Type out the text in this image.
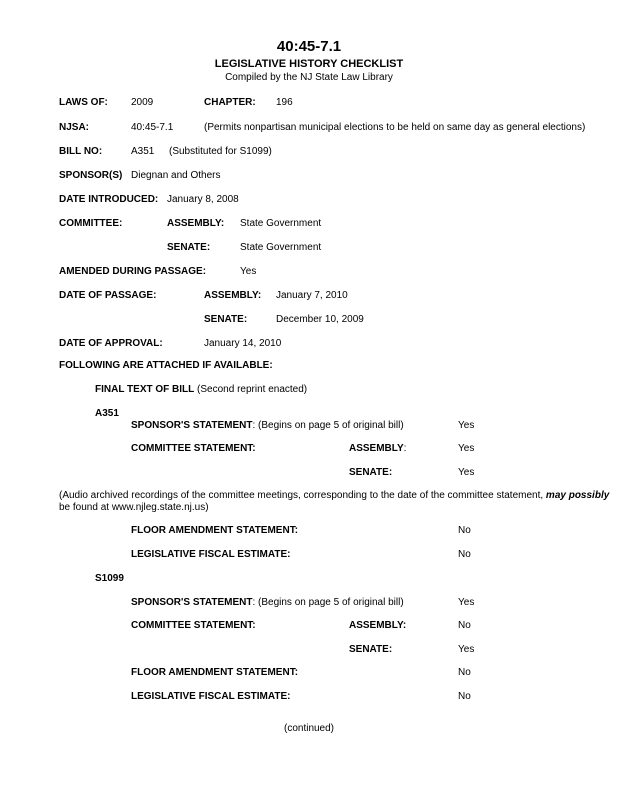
40:45-7.1
LEGISLATIVE HISTORY CHECKLIST
Compiled by the NJ State Law Library
LAWS OF: 2009	CHAPTER: 196
NJSA:	40:45-7.1	(Permits nonpartisan municipal elections to be held on same day as general elections)
BILL NO:	A351 (Substituted for S1099)
SPONSOR(S) Diegnan and Others
DATE INTRODUCED: January 8, 2008
COMMITTEE:	ASSEMBLY: State Government
SENATE:	State Government
AMENDED DURING PASSAGE:	Yes
DATE OF PASSAGE:	ASSEMBLY: January 7, 2010
SENATE:	December 10, 2009
DATE OF APPROVAL:	January 14, 2010
FOLLOWING ARE ATTACHED IF AVAILABLE:
FINAL TEXT OF BILL (Second reprint enacted)
A351
SPONSOR'S STATEMENT: (Begins on page 5 of original bill)	Yes
COMMITTEE STATEMENT:	ASSEMBLY:	Yes
SENATE:	Yes
(Audio archived recordings of the committee meetings, corresponding to the date of the committee statement, may possibly
be found at www.njleg.state.nj.us)
FLOOR AMENDMENT STATEMENT:	No
LEGISLATIVE FISCAL ESTIMATE:	No
S1099
SPONSOR'S STATEMENT: (Begins on page 5 of original bill)	Yes
COMMITTEE STATEMENT:	ASSEMBLY:	No
SENATE:	Yes
FLOOR AMENDMENT STATEMENT:	No
LEGISLATIVE FISCAL ESTIMATE:	No
(continued)
